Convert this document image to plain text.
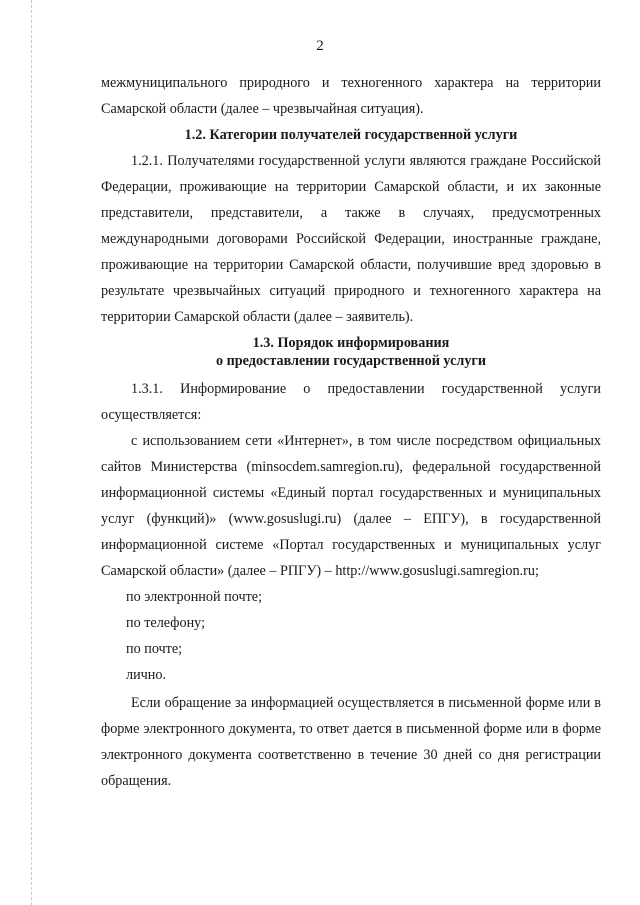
2

межмуниципального природного и техногенного характера на территории Самарской области (далее – чрезвычайная ситуация).

1.2. Категории получателей государственной услуги

1.2.1. Получателями государственной услуги являются граждане Российской Федерации, проживающие на территории Самарской области, и их законные представители, представители, а также в случаях, предусмотренных международными договорами Российской Федерации, иностранные граждане, проживающие на территории Самарской области, получившие вред здоровью в результате чрезвычайных ситуаций природного и техногенного характера на территории Самарской области (далее – заявитель).

1.3. Порядок информирования
о предоставлении государственной услуги

1.3.1. Информирование о предоставлении государственной услуги осуществляется:

с использованием сети «Интернет», в том числе посредством официальных сайтов Министерства (minsocdem.samregion.ru), федеральной государственной информационной системы «Единый портал государственных и муниципальных услуг (функций)» (www.gosuslugi.ru) (далее – ЕПГУ), в государственной информационной системе «Портал государственных и муниципальных услуг Самарской области» (далее – РПГУ) – http://www.gosuslugi.samregion.ru;

по электронной почте;

по телефону;

по почте;

лично.

Если обращение за информацией осуществляется в письменной форме или в форме электронного документа, то ответ дается в письменной форме или в форме электронного документа соответственно в течение 30 дней со дня регистрации обращения.
